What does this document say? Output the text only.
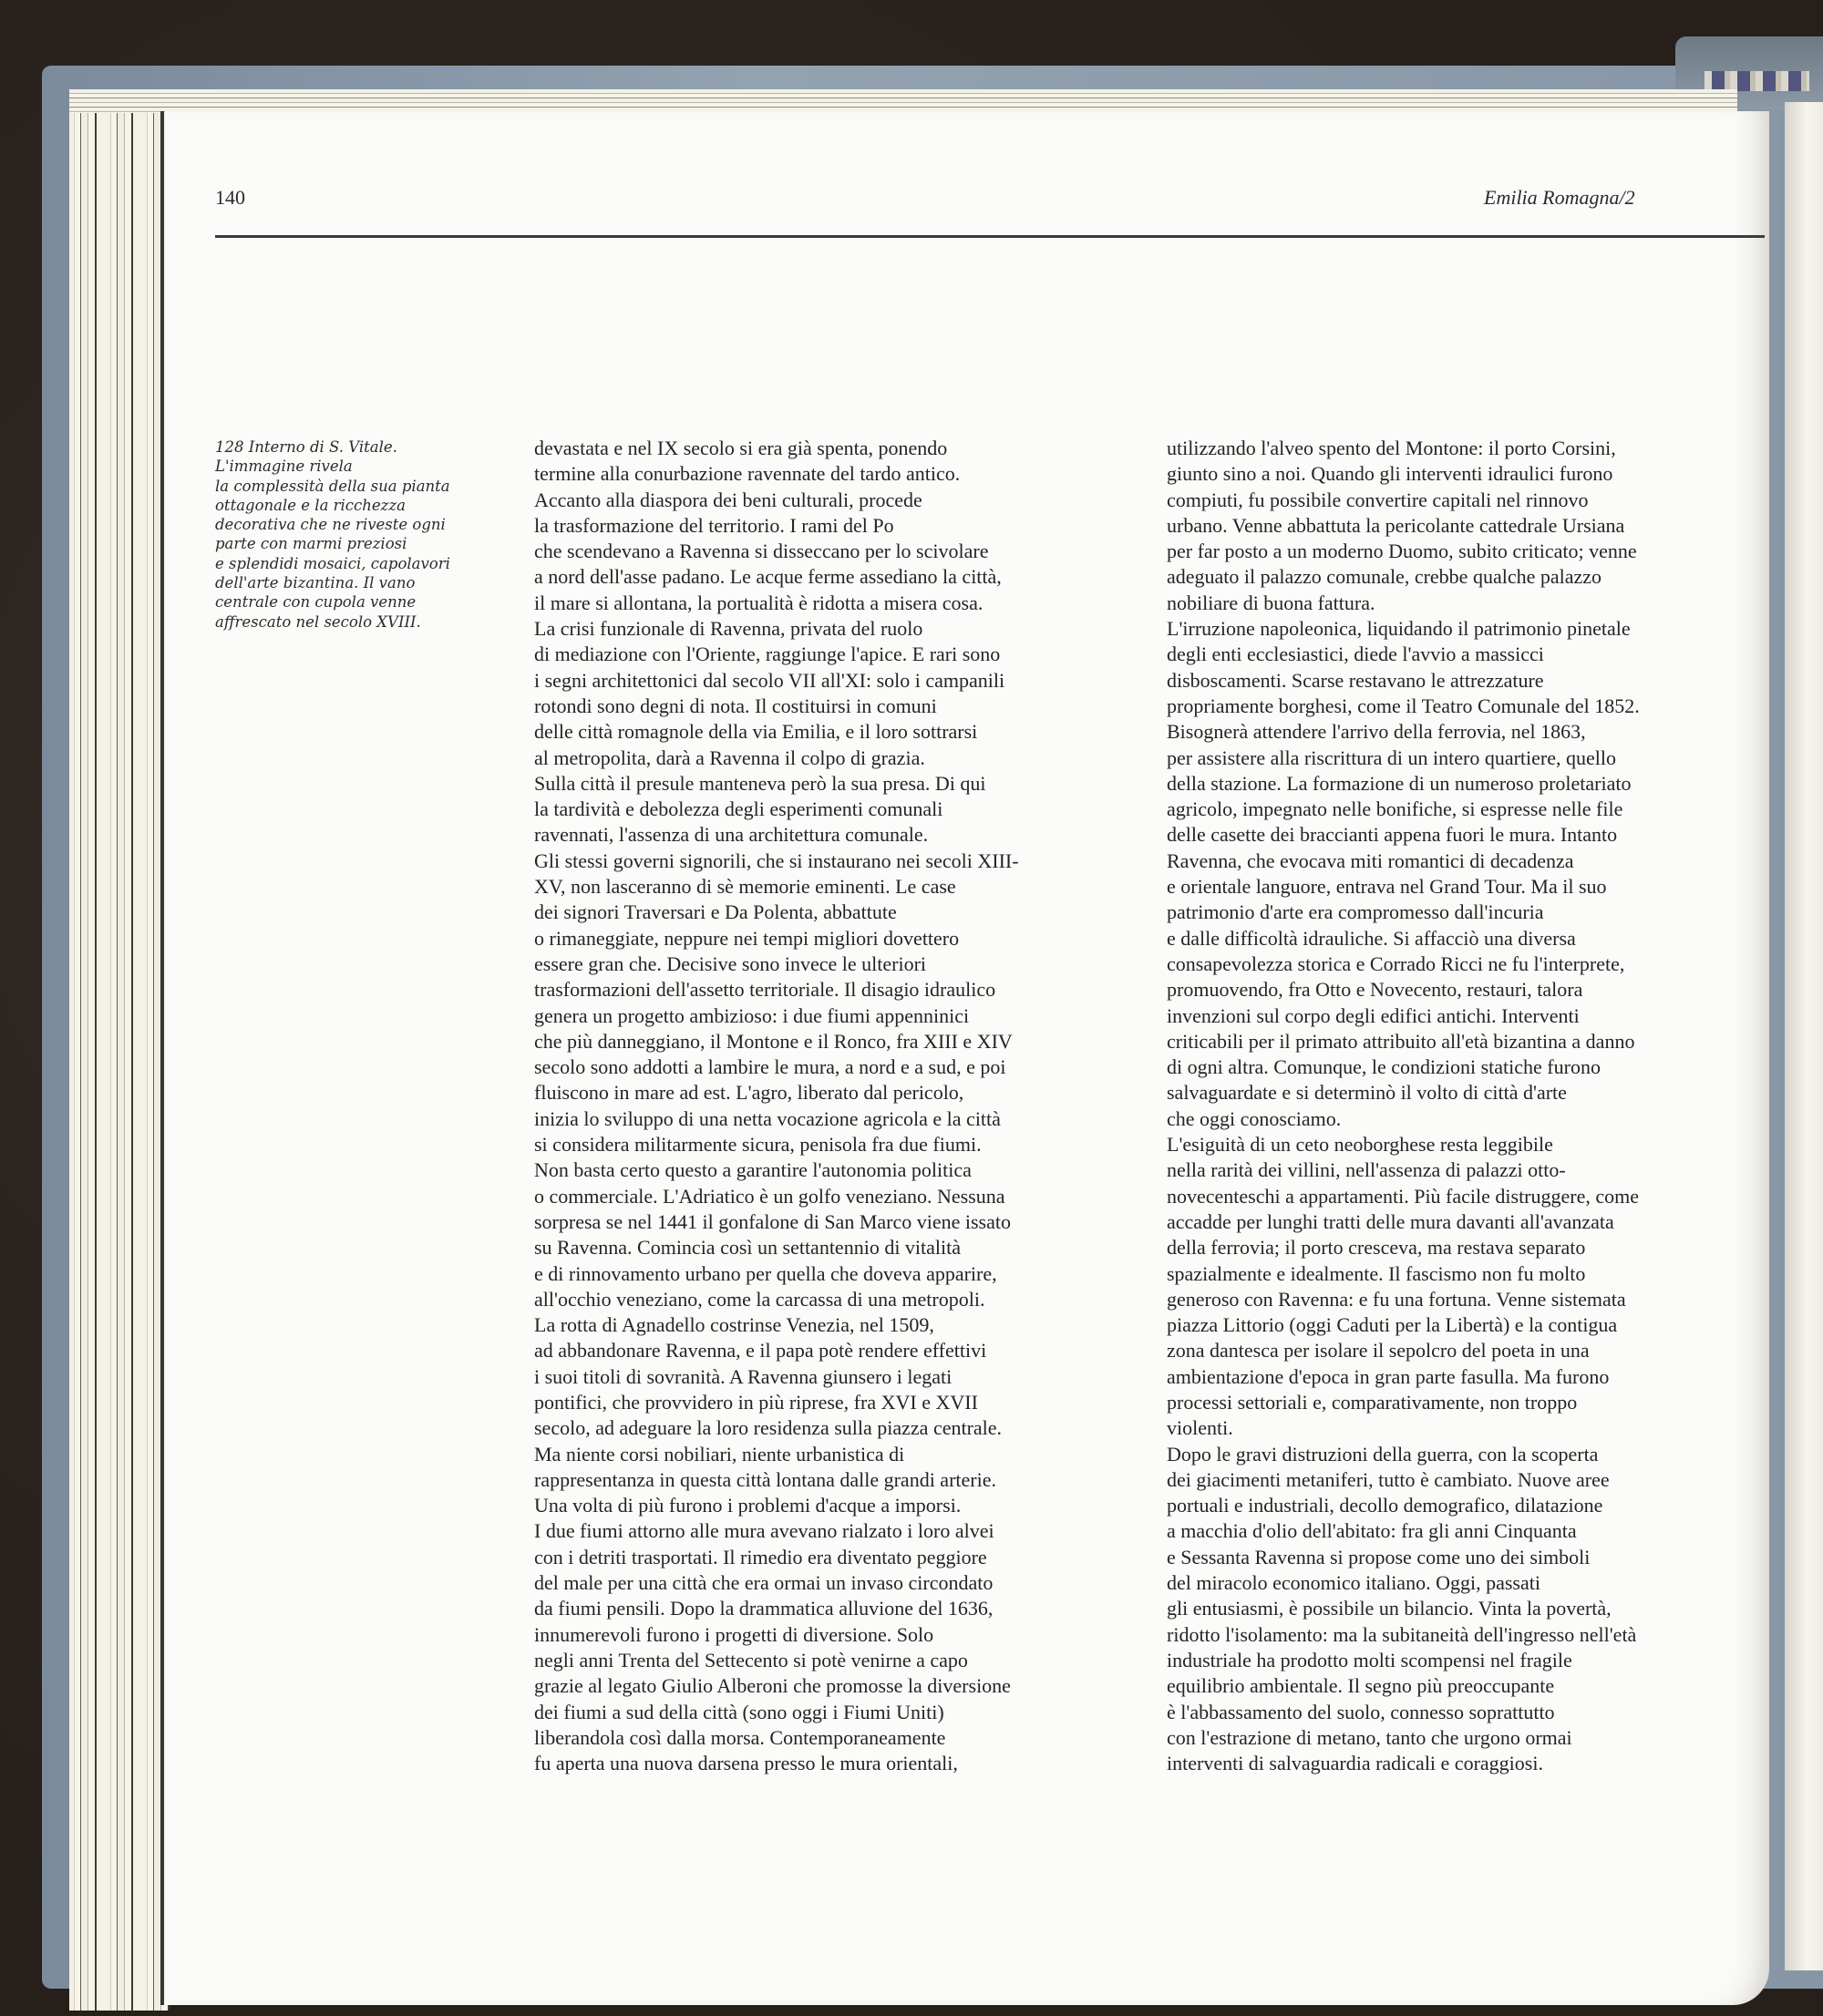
140	Emilia Romagna/2
128 Interno di S. Vitale.
L'immagine rivela
la complessità della sua pianta
ottagonale e la ricchezza
decorativa che ne riveste ogni
parte con marmi preziosi
e splendidi mosaici, capolavori
dell'arte bizantina. Il vano
centrale con cupola venne
affrescato nel secolo XVIII.
devastata e nel IX secolo si era già spenta, ponendo
termine alla conurbazione ravennate del tardo antico.
Accanto alla diaspora dei beni culturali, procede
la trasformazione del territorio. I rami del Po
che scendevano a Ravenna si disseccano per lo scivolare
a nord dell'asse padano. Le acque ferme assediano la città,
il mare si allontana, la portualità è ridotta a misera cosa.
La crisi funzionale di Ravenna, privata del ruolo
di mediazione con l'Oriente, raggiunge l'apice. E rari sono
i segni architettonici dal secolo VII all'XI: solo i campanili
rotondi sono degni di nota. Il costituirsi in comuni
delle città romagnole della via Emilia, e il loro sottrarsi
al metropolita, darà a Ravenna il colpo di grazia.
Sulla città il presule manteneva però la sua presa. Di qui
la tardività e debolezza degli esperimenti comunali
ravennati, l'assenza di una architettura comunale.
Gli stessi governi signorili, che si instaurano nei secoli XIII-
XV, non lasceranno di sè memorie eminenti. Le case
dei signori Traversari e Da Polenta, abbattute
o rimaneggiate, neppure nei tempi migliori dovettero
essere gran che. Decisive sono invece le ulteriori
trasformazioni dell'assetto territoriale. Il disagio idraulico
genera un progetto ambizioso: i due fiumi appenninici
che più danneggiano, il Montone e il Ronco, fra XIII e XIV
secolo sono addotti a lambire le mura, a nord e a sud, e poi
fluiscono in mare ad est. L'agro, liberato dal pericolo,
inizia lo sviluppo di una netta vocazione agricola e la città
si considera militarmente sicura, penisola fra due fiumi.
Non basta certo questo a garantire l'autonomia politica
o commerciale. L'Adriatico è un golfo veneziano. Nessuna
sorpresa se nel 1441 il gonfalone di San Marco viene issato
su Ravenna. Comincia così un settantennio di vitalità
e di rinnovamento urbano per quella che doveva apparire,
all'occhio veneziano, come la carcassa di una metropoli.
La rotta di Agnadello costrinse Venezia, nel 1509,
ad abbandonare Ravenna, e il papa potè rendere effettivi
i suoi titoli di sovranità. A Ravenna giunsero i legati
pontifici, che provvidero in più riprese, fra XVI e XVII
secolo, ad adeguare la loro residenza sulla piazza centrale.
Ma niente corsi nobiliari, niente urbanistica di
rappresentanza in questa città lontana dalle grandi arterie.
Una volta di più furono i problemi d'acque a imporsi.
I due fiumi attorno alle mura avevano rialzato i loro alvei
con i detriti trasportati. Il rimedio era diventato peggiore
del male per una città che era ormai un invaso circondato
da fiumi pensili. Dopo la drammatica alluvione del 1636,
innumerevoli furono i progetti di diversione. Solo
negli anni Trenta del Settecento si potè venirne a capo
grazie al legato Giulio Alberoni che promosse la diversione
dei fiumi a sud della città (sono oggi i Fiumi Uniti)
liberandola così dalla morsa. Contemporaneamente
fu aperta una nuova darsena presso le mura orientali,
utilizzando l'alveo spento del Montone: il porto Corsini,
giunto sino a noi. Quando gli interventi idraulici furono
compiuti, fu possibile convertire capitali nel rinnovo
urbano. Venne abbattuta la pericolante cattedrale Ursiana
per far posto a un moderno Duomo, subito criticato; venne
adeguato il palazzo comunale, crebbe qualche palazzo
nobiliare di buona fattura.
L'irruzione napoleonica, liquidando il patrimonio pinetale
degli enti ecclesiastici, diede l'avvio a massicci
disboscamenti. Scarse restavano le attrezzature
propriamente borghesi, come il Teatro Comunale del 1852.
Bisognerà attendere l'arrivo della ferrovia, nel 1863,
per assistere alla riscrittura di un intero quartiere, quello
della stazione. La formazione di un numeroso proletariato
agricolo, impegnato nelle bonifiche, si espresse nelle file
delle casette dei braccianti appena fuori le mura. Intanto
Ravenna, che evocava miti romantici di decadenza
e orientale languore, entrava nel Grand Tour. Ma il suo
patrimonio d'arte era compromesso dall'incuria
e dalle difficoltà idrauliche. Si affacciò una diversa
consapevolezza storica e Corrado Ricci ne fu l'interprete,
promuovendo, fra Otto e Novecento, restauri, talora
invenzioni sul corpo degli edifici antichi. Interventi
criticabili per il primato attribuito all'età bizantina a danno
di ogni altra. Comunque, le condizioni statiche furono
salvaguardate e si determinò il volto di città d'arte
che oggi conosciamo.
L'esiguità di un ceto neoborghese resta leggibile
nella rarità dei villini, nell'assenza di palazzi otto-
novecenteschi a appartamenti. Più facile distruggere, come
accadde per lunghi tratti delle mura davanti all'avanzata
della ferrovia; il porto cresceva, ma restava separato
spazialmente e idealmente. Il fascismo non fu molto
generoso con Ravenna: e fu una fortuna. Venne sistemata
piazza Littorio (oggi Caduti per la Libertà) e la contigua
zona dantesca per isolare il sepolcro del poeta in una
ambientazione d'epoca in gran parte fasulla. Ma furono
processi settoriali e, comparativamente, non troppo
violenti.
Dopo le gravi distruzioni della guerra, con la scoperta
dei giacimenti metaniferi, tutto è cambiato. Nuove aree
portuali e industriali, decollo demografico, dilatazione
a macchia d'olio dell'abitato: fra gli anni Cinquanta
e Sessanta Ravenna si propose come uno dei simboli
del miracolo economico italiano. Oggi, passati
gli entusiasmi, è possibile un bilancio. Vinta la povertà,
ridotto l'isolamento: ma la subitaneità dell'ingresso nell'età
industriale ha prodotto molti scompensi nel fragile
equilibrio ambientale. Il segno più preoccupante
è l'abbassamento del suolo, connesso soprattutto
con l'estrazione di metano, tanto che urgono ormai
interventi di salvaguardia radicali e coraggiosi.
